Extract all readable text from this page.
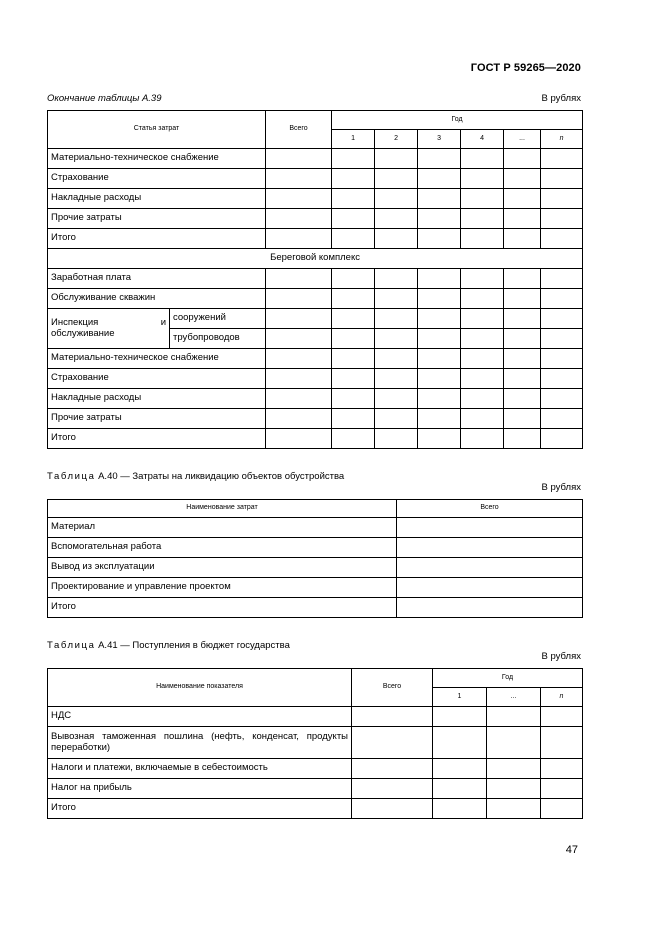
ГОСТ Р 59265—2020
Окончание таблицы А.39	В рублях
Статья затрат		Всего	Год					
			1	2	3	4	...	n
Материально-техническое снабжение								
Страхование								
Накладные расходы								
Прочие затраты								
Итого								
Береговой комплекс								
Заработная плата								
Обслуживание скважин								
Инспекция и обслуживание	сооружений							
	трубопроводов							
Материально-техническое снабжение								
Страхование								
Накладные расходы								
Прочие затраты								
Итого								
Таблица А.40 — Затраты на ликвидацию объектов обустройства
В рублях
Наименование затрат	Всего
Материал	
Вспомогательная работа	
Вывод из эксплуатации	
Проектирование и управление проектом	
Итого	
Таблица А.41 — Поступления в бюджет государства
В рублях
Наименование показателя	Всего	Год		
		1	...	n
НДС				
Вывозная таможенная пошлина (нефть, конденсат, продукты переработки)				
Налоги и платежи, включаемые в себестоимость				
Налог на прибыль				
Итого				
47
